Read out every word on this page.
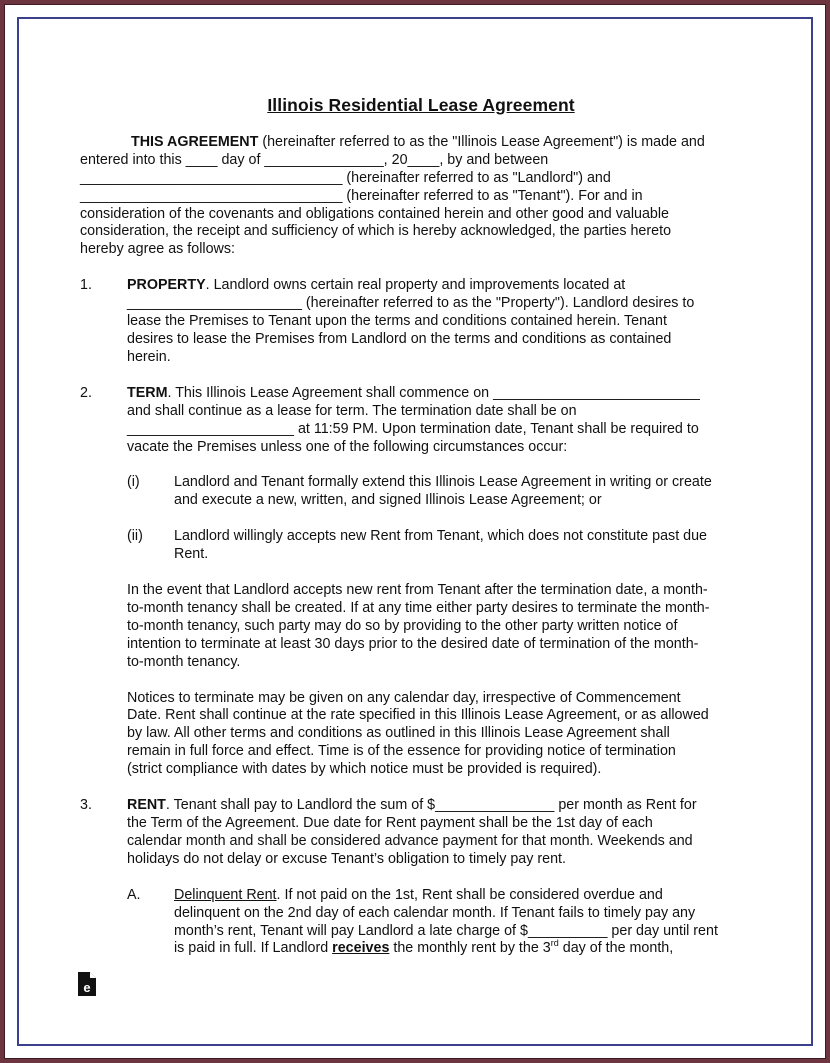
Illinois Residential Lease Agreement

THIS AGREEMENT (hereinafter referred to as the "Illinois Lease Agreement") is made and

entered into this ____ day of _______________, 20____, by and between

_________________________________ (hereinafter referred to as "Landlord") and

_________________________________ (hereinafter referred to as "Tenant"). For and in

consideration of the covenants and obligations contained herein and other good and valuable

consideration, the receipt and sufficiency of which is hereby acknowledged, the parties hereto

hereby agree as follows:

1. PROPERTY. Landlord owns certain real property and improvements located at

______________________ (hereinafter referred to as the "Property"). Landlord desires to

lease the Premises to Tenant upon the terms and conditions contained herein. Tenant

desires to lease the Premises from Landlord on the terms and conditions as contained

herein.

2. TERM. This Illinois Lease Agreement shall commence on __________________________

and shall continue as a lease for term. The termination date shall be on

_____________________ at 11:59 PM. Upon termination date, Tenant shall be required to

vacate the Premises unless one of the following circumstances occur:

(i) Landlord and Tenant formally extend this Illinois Lease Agreement in writing or create

and execute a new, written, and signed Illinois Lease Agreement; or

(ii) Landlord willingly accepts new Rent from Tenant, which does not constitute past due

Rent.

In the event that Landlord accepts new rent from Tenant after the termination date, a month-

to-month tenancy shall be created. If at any time either party desires to terminate the month-

to-month tenancy, such party may do so by providing to the other party written notice of

intention to terminate at least 30 days prior to the desired date of termination of the month-

to-month tenancy.

Notices to terminate may be given on any calendar day, irrespective of Commencement

Date. Rent shall continue at the rate specified in this Illinois Lease Agreement, or as allowed

by law. All other terms and conditions as outlined in this Illinois Lease Agreement shall

remain in full force and effect. Time is of the essence for providing notice of termination

(strict compliance with dates by which notice must be provided is required).

3. RENT. Tenant shall pay to Landlord the sum of $_______________ per month as Rent for

the Term of the Agreement. Due date for Rent payment shall be the 1st day of each

calendar month and shall be considered advance payment for that month. Weekends and

holidays do not delay or excuse Tenant’s obligation to timely pay rent.

A. Delinquent Rent. If not paid on the 1st, Rent shall be considered overdue and

delinquent on the 2nd day of each calendar month. If Tenant fails to timely pay any

month’s rent, Tenant will pay Landlord a late charge of $__________ per day until rent

is paid in full. If Landlord receives the monthly rent by the 3rd day of the month,

e
